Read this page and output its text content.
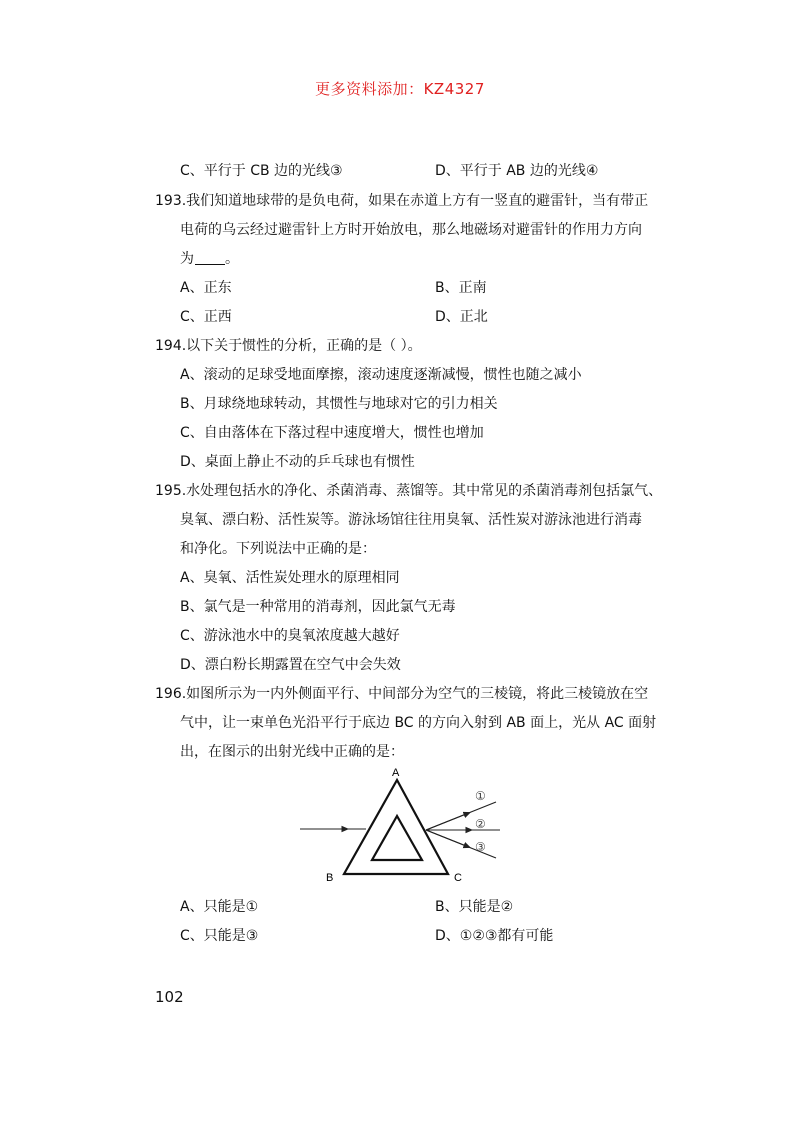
更多资料添加：KZ4327
C、平行于 CB 边的光线③	D、平行于 AB 边的光线④
193.我们知道地球带的是负电荷，如果在赤道上方有一竖直的避雷针，当有带正
电荷的乌云经过避雷针上方时开始放电，那么地磁场对避雷针的作用力方向
为 。
A、正东	B、正南
C、正西	D、正北
194.以下关于惯性的分析，正确的是（ ）。
A、滚动的足球受地面摩擦，滚动速度逐渐减慢，惯性也随之减小
B、月球绕地球转动，其惯性与地球对它的引力相关
C、自由落体在下落过程中速度增大，惯性也增加
D、桌面上静止不动的乒乓球也有惯性
195.水处理包括水的净化、杀菌消毒、蒸馏等。其中常见的杀菌消毒剂包括氯气、
臭氧、漂白粉、活性炭等。游泳场馆往往用臭氧、活性炭对游泳池进行消毒
和净化。下列说法中正确的是：
A、臭氧、活性炭处理水的原理相同
B、氯气是一种常用的消毒剂，因此氯气无毒
C、游泳池水中的臭氧浓度越大越好
D、漂白粉长期露置在空气中会失效
196.如图所示为一内外侧面平行、中间部分为空气的三棱镜，将此三棱镜放在空
气中，让一束单色光沿平行于底边 BC 的方向入射到 AB 面上，光从 AC 面射
出，在图示的出射光线中正确的是：
A
B	C
①
②
③
A、只能是①	B、只能是②
C、只能是③	D、①②③都有可能
102
